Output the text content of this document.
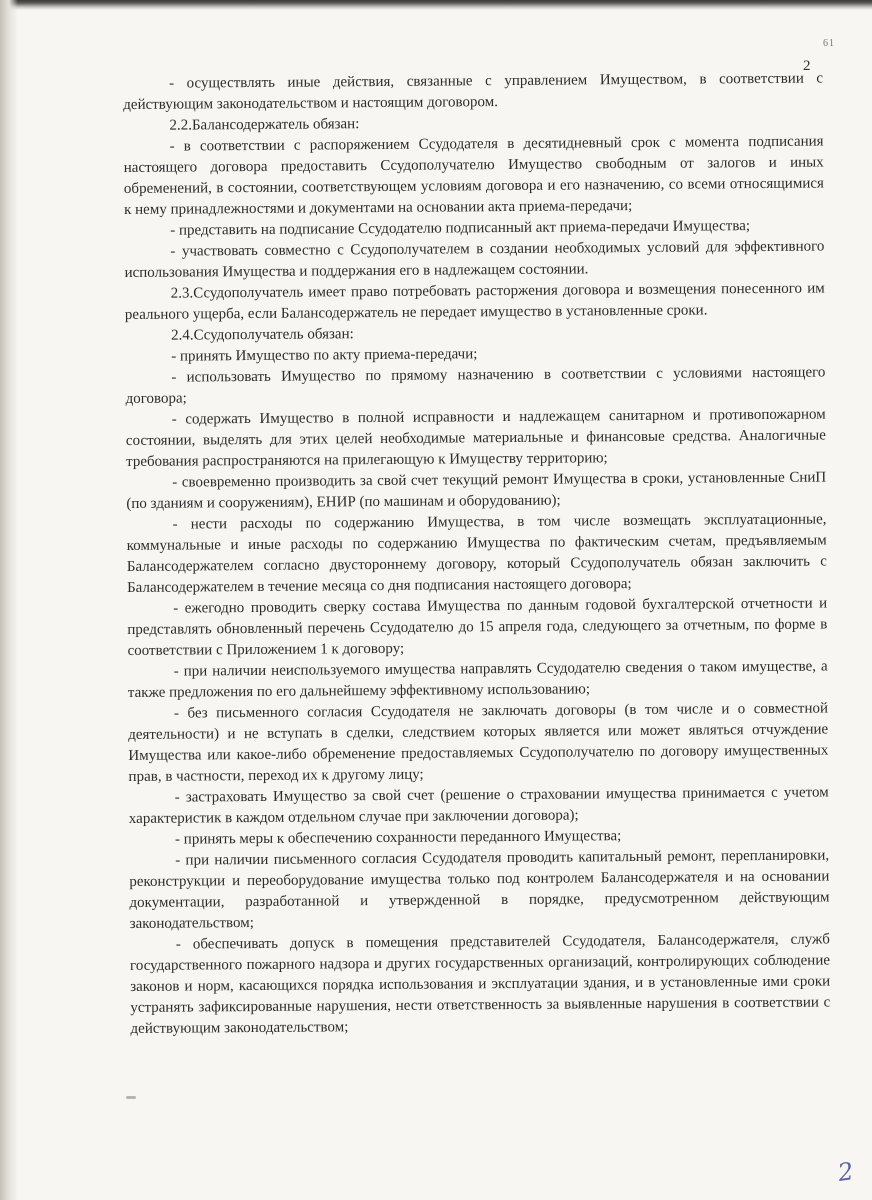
61
2
2

- осуществлять иные действия, связанные с управлением Имуществом, в соответствии с действующим законодательством и настоящим договором.

2.2.Балансодержатель обязан:

- в соответствии с распоряжением Ссудодателя в десятидневный срок с момента подписания настоящего договора предоставить Ссудополучателю Имущество свободным от залогов и иных обременений, в состоянии, соответствующем условиям договора и его назначению, со всеми относящимися к нему принадлежностями и документами на основании акта приема-передачи;

- представить на подписание Ссудодателю подписанный акт приема-передачи Имущества;

- участвовать совместно с Ссудополучателем в создании необходимых условий для эффективного использования Имущества и поддержания его в надлежащем состоянии.

2.3.Ссудополучатель имеет право потребовать расторжения договора и возмещения понесенного им реального ущерба, если Балансодержатель не передает имущество в установленные сроки.

2.4.Ссудополучатель обязан:

- принять Имущество по акту приема-передачи;

- использовать Имущество по прямому назначению в соответствии с условиями настоящего договора;

- содержать Имущество в полной исправности и надлежащем санитарном и противопожарном состоянии, выделять для этих целей необходимые материальные и финансовые средства. Аналогичные требования распространяются на прилегающую к Имуществу территорию;

- своевременно производить за свой счет текущий ремонт Имущества в сроки, установленные СниП (по зданиям и сооружениям), ЕНИР (по машинам и оборудованию);

- нести расходы по содержанию Имущества, в том числе возмещать эксплуатационные, коммунальные и иные расходы по содержанию Имущества по фактическим счетам, предъявляемым Балансодержателем согласно двустороннему договору, который Ссудополучатель обязан заключить с Балансодержателем в течение месяца со дня подписания настоящего договора;

- ежегодно проводить сверку состава Имущества по данным годовой бухгалтерской отчетности и представлять обновленный перечень Ссудодателю до 15 апреля года, следующего за отчетным, по форме в соответствии с Приложением 1 к договору;

- при наличии неиспользуемого имущества направлять Ссудодателю сведения о таком имуществе, а также предложения по его дальнейшему эффективному использованию;

- без письменного согласия Ссудодателя не заключать договоры (в том числе и о совместной деятельности) и не вступать в сделки, следствием которых является или может являться отчуждение Имущества или какое-либо обременение предоставляемых Ссудополучателю по договору имущественных прав, в частности, переход их к другому лицу;

- застраховать Имущество за свой счет (решение о страховании имущества принимается с учетом характеристик в каждом отдельном случае при заключении договора);

- принять меры к обеспечению сохранности переданного Имущества;

- при наличии письменного согласия Ссудодателя проводить капитальный ремонт, перепланировки, реконструкции и переоборудование имущества только под контролем Балансодержателя и на основании документации, разработанной и утвержденной в порядке, предусмотренном действующим законодательством;

- обеспечивать допуск в помещения представителей Ссудодателя, Балансодержателя, служб государственного пожарного надзора и других государственных организаций, контролирующих соблюдение законов и норм, касающихся порядка использования и эксплуатации здания, и в установленные ими сроки устранять зафиксированные нарушения, нести ответственность за выявленные нарушения в соответствии с действующим законодательством;
